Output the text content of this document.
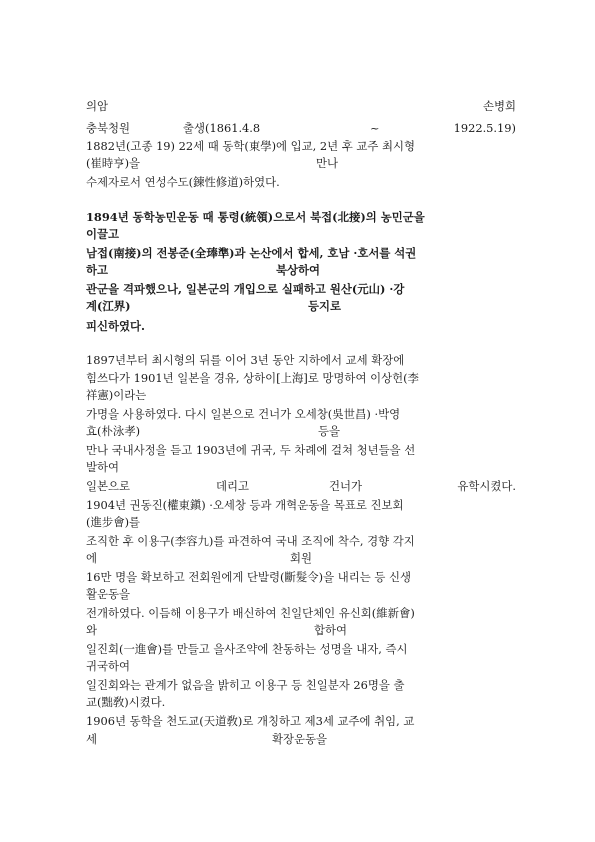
의암	손병희
충북청원	출생(1861.4.8	~	1922.5.19)
1882년(고종 19) 22세 때 동학(東學)에 입교, 2년 후 교주 최시형
(崔時亨)을	만나
수제자로서 연성수도(鍊性修道)하였다.
1894년 동학농민운동 때 통령(統領)으로서 북접(北接)의 농민군을
이끌고
남접(南接)의 전봉준(全琫準)과 논산에서 합세, 호남 ·호서를 석권
하고	북상하여
관군을 격파했으나, 일본군의 개입으로 실패하고 원산(元山) ·강
계(江界)	등지로
피신하였다.
1897년부터 최시형의 뒤를 이어 3년 동안 지하에서 교세 확장에
힘쓰다가 1901년 일본을 경유, 상하이[上海]로 망명하여 이상헌(李
祥憲)이라는
가명을 사용하였다. 다시 일본으로 건너가 오세창(吳世昌) ·박영
효(朴泳孝)	등을
만나 국내사정을 듣고 1903년에 귀국, 두 차례에 걸쳐 청년들을 선
발하여
일본으로	데리고	건너가	유학시켰다.
1904년 권동진(權東鎭) ·오세창 등과 개혁운동을 목표로 진보회
(進步會)를
조직한 후 이용구(李容九)를 파견하여 국내 조직에 착수, 경향 각지
에	회원
16만 명을 확보하고 전회원에게 단발령(斷髮令)을 내리는 등 신생
활운동을
전개하였다. 이듬해 이용구가 배신하여 친일단체인 유신회(維新會)
와	합하여
일진회(一進會)를 만들고 을사조약에 찬동하는 성명을 내자, 즉시
귀국하여
일진회와는 관계가 없음을 밝히고 이용구 등 친일분자 26명을 출
교(黜敎)시켰다.
1906년 동학을 천도교(天道敎)로 개칭하고 제3세 교주에 취임, 교
세	확장운동을
